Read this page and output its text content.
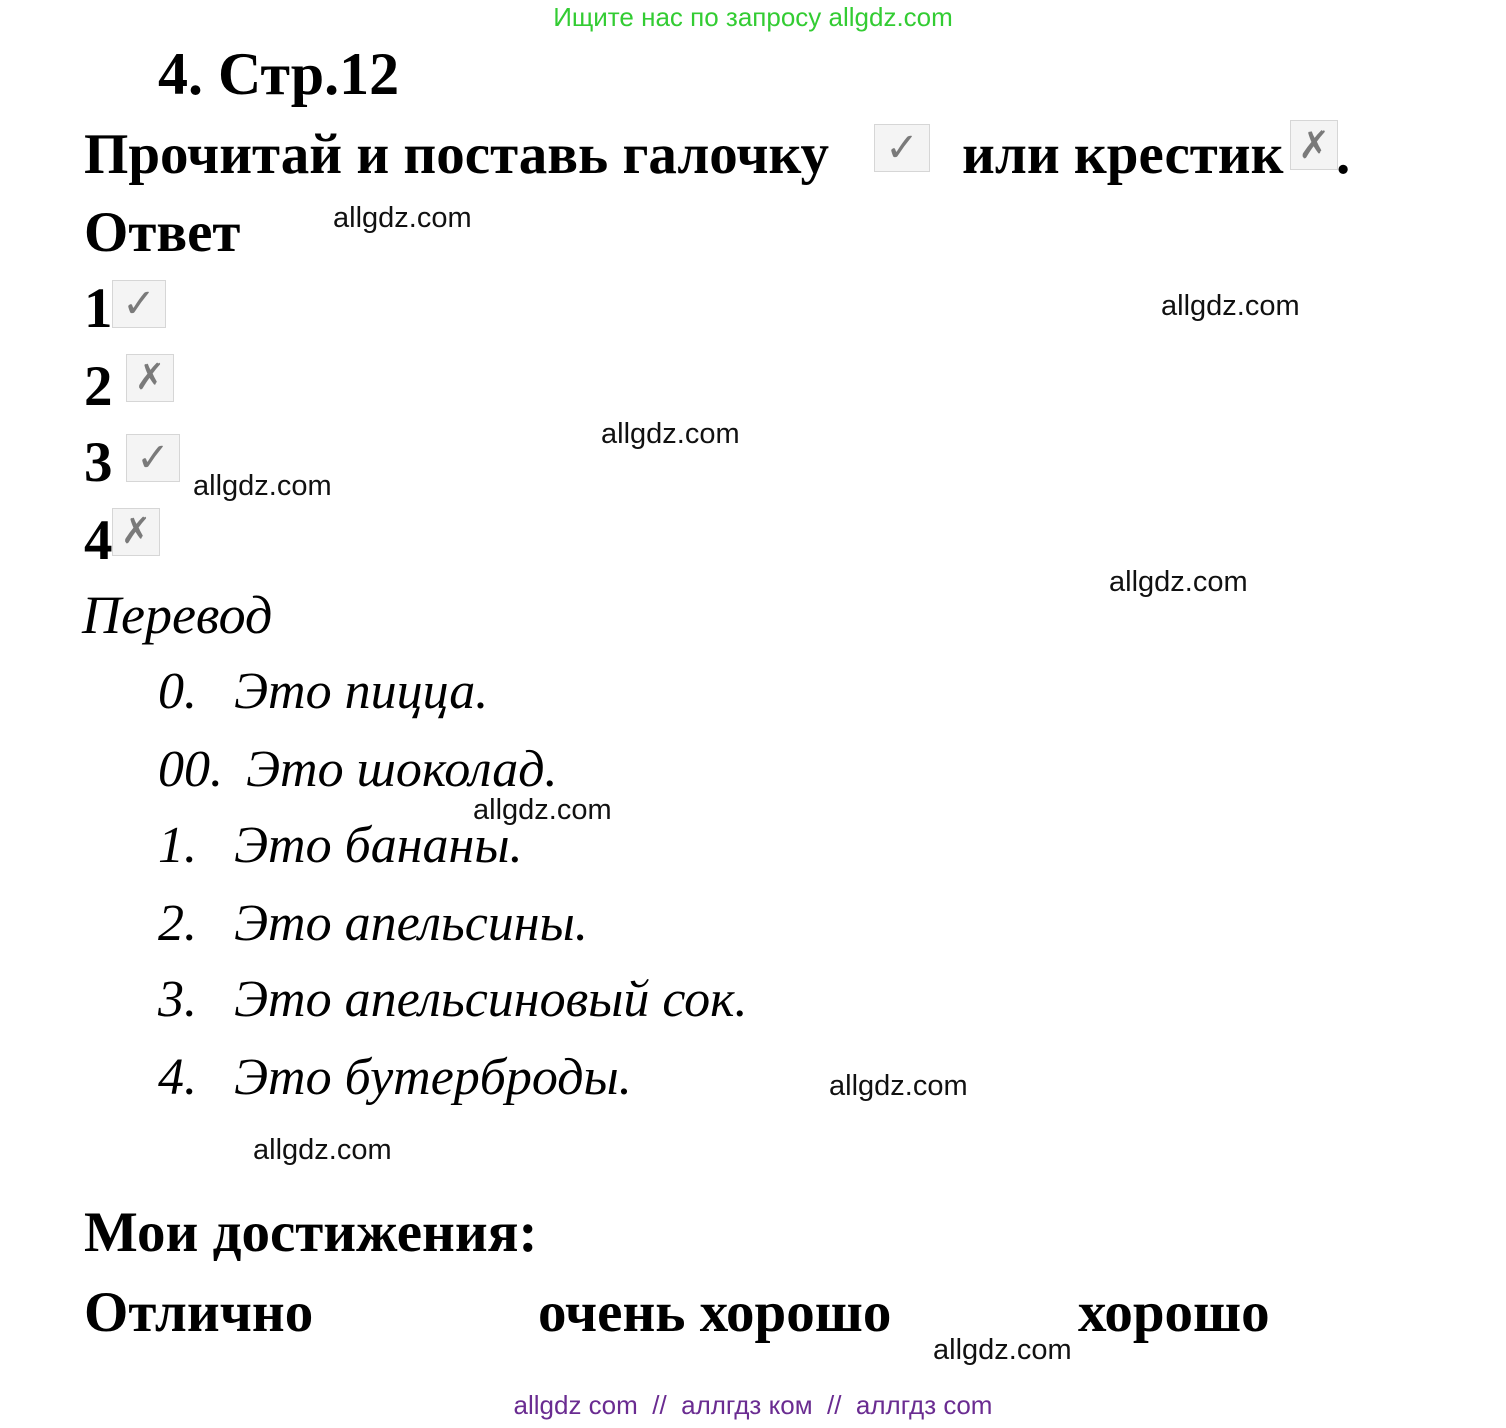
Ищите нас по запросу allgdz.com
4. Стр.12
Прочитай и поставь галочку ✓ или крестик ✗ .
Ответ
1 ✓
2 ✗
3 ✓
4 ✗
Перевод
0. Это пицца.
00. Это шоколад.
1. Это бананы.
2. Это апельсины.
3. Это апельсиновый сок.
4. Это бутерброды.
Мои достижения:
Отлично	очень хорошо	хорошо
allgdz.com
allgdz.com
allgdz.com
allgdz.com
allgdz.com
allgdz.com
allgdz.com
allgdz.com
allgdz.com
allgdz com  //  аллгдз ком  //  аллгдз com
